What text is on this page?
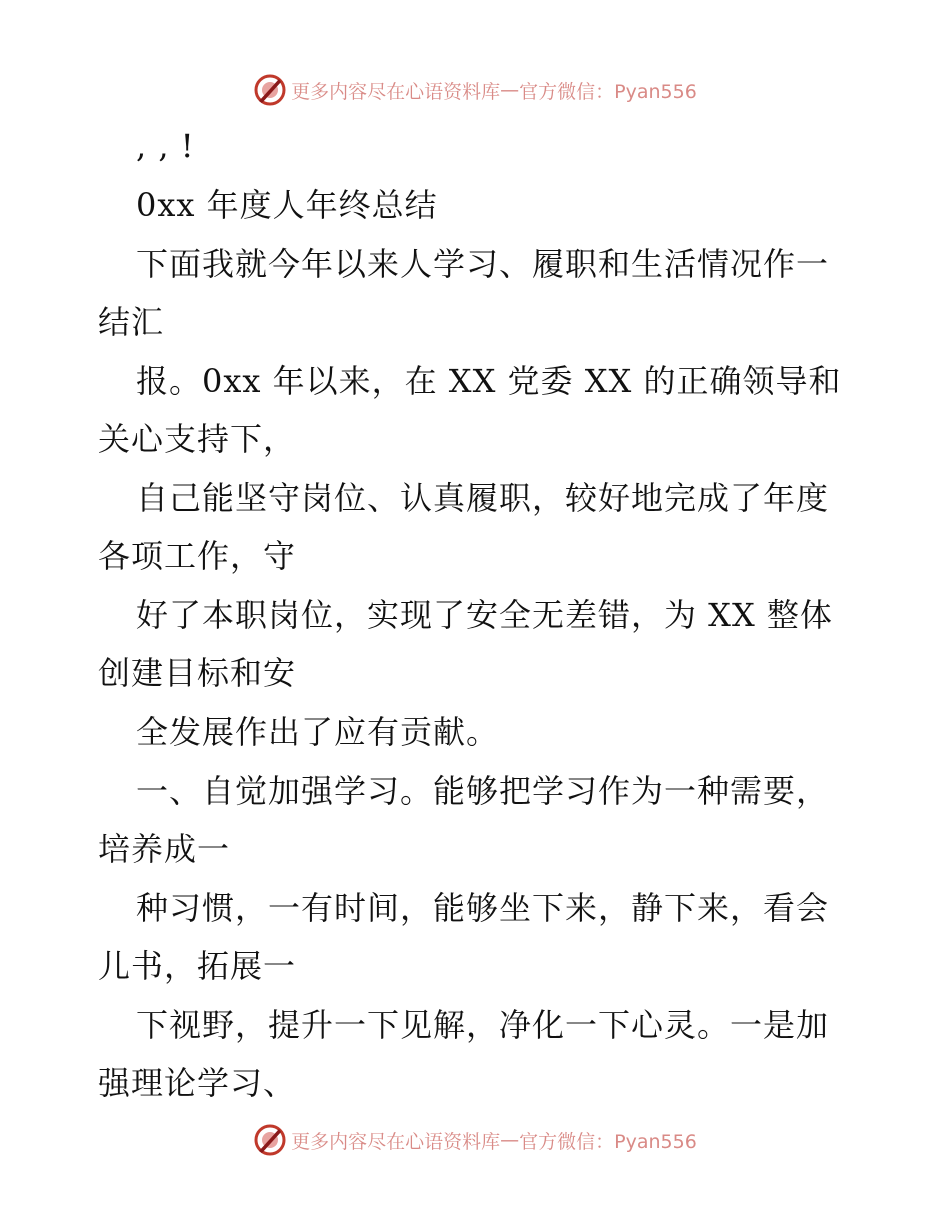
更多内容尽在心语资料库 — 官方微信：Pyan556
, , !
0xx 年度人年终总结
下面我就今年以来人学习、履职和生活情况作一
结汇
报。0xx 年以来，在 XX 党委 XX 的正确领导和
关心支持下，
自己能坚守岗位、认真履职，较好地完成了年度
各项工作，守
好了本职岗位，实现了安全无差错，为 XX 整体
创建目标和安
全发展作出了应有贡献。
一、自觉加强学习。能够把学习作为一种需要，
培养成一
种习惯，一有时间，能够坐下来，静下来，看会
儿书，拓展一
下视野，提升一下见解，净化一下心灵。一是加
强理论学习、
更多内容尽在心语资料库 — 官方微信：Pyan556
